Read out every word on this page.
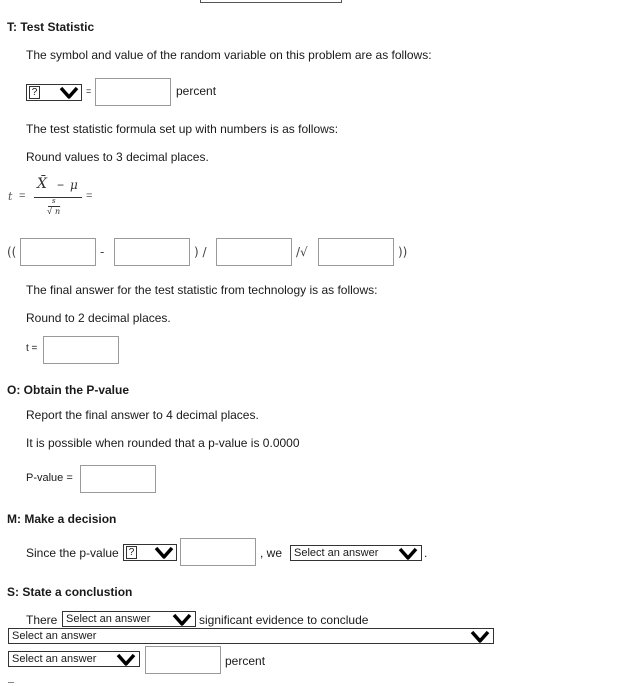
T: Test Statistic
The symbol and value of the random variable on this problem are as follows:
?	=	percent
The test statistic formula set up with numbers is as follows:
Round values to 3 decimal places.
t =
X̄ − μ
s
√ n
=
((	-	) /	/√	))
The final answer for the test statistic from technology is as follows:
Round to 2 decimal places.
t =
O: Obtain the P-value
Report the final answer to 4 decimal places.
It is possible when rounded that a p-value is 0.0000
P-value =
M: Make a decision
Since the p-value ?	, we	Select an answer	.
S: State a conclustion
There Select an answer	significant evidence to conclude
Select an answer
Select an answer	percent
